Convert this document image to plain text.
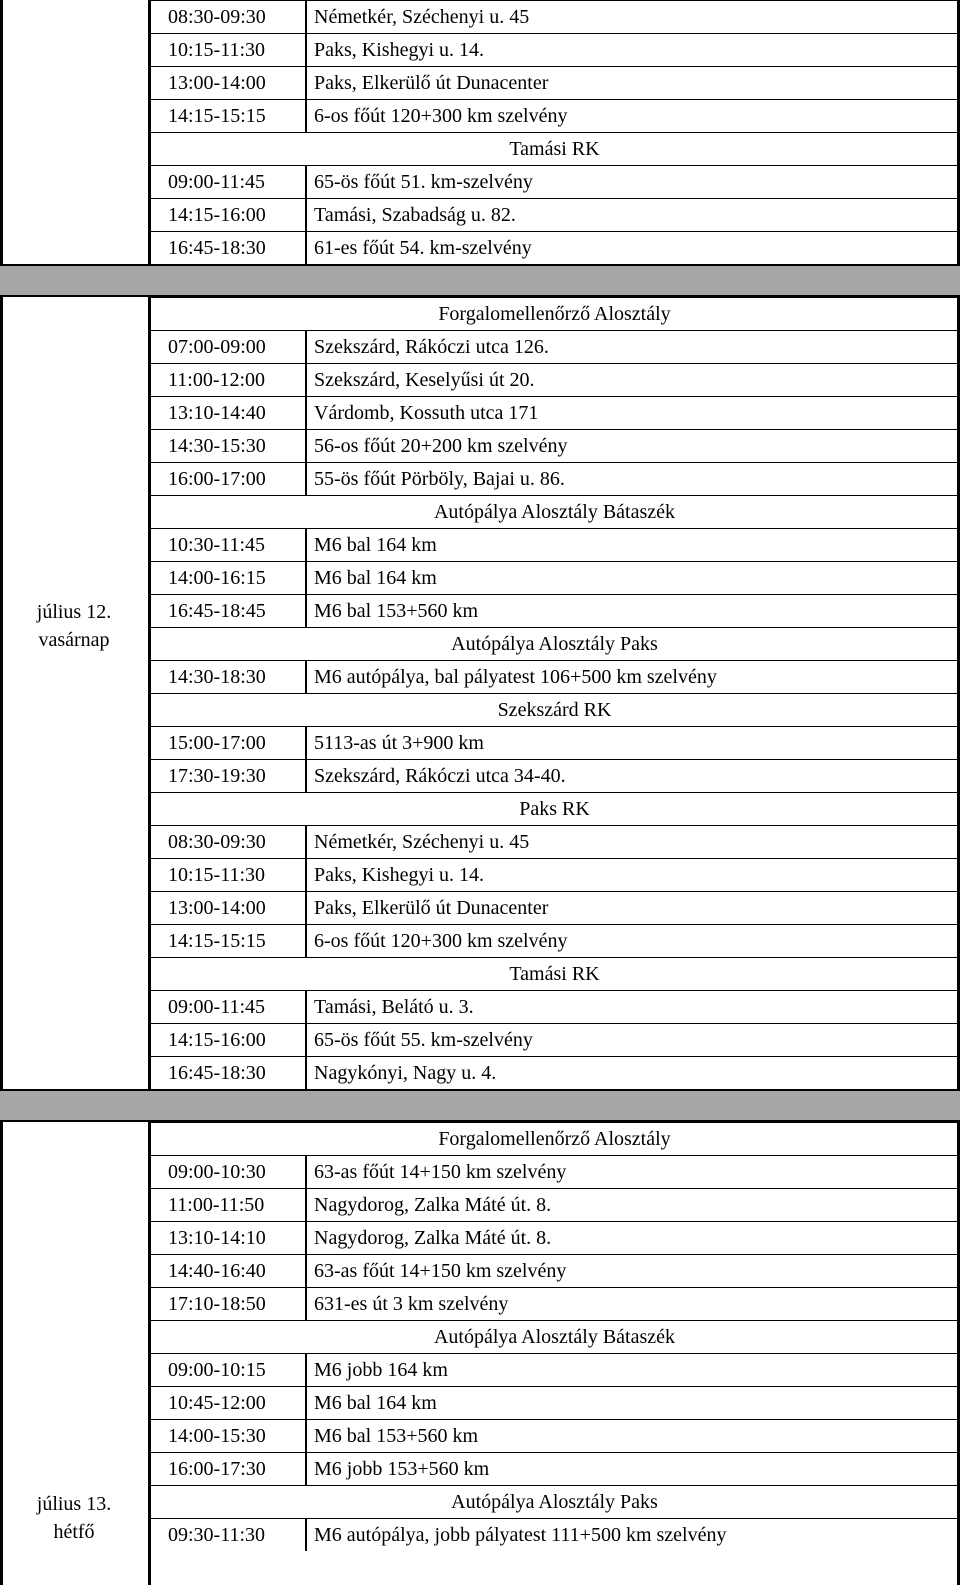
08:30-09:30	Németkér, Széchenyi u. 45
10:15-11:30	Paks, Kishegyi u. 14.
13:00-14:00	Paks, Elkerülő út Dunacenter
14:15-15:15	6-os főút 120+300 km szelvény
Tamási RK
09:00-11:45	65-ös főút 51. km-szelvény
14:15-16:00	Tamási, Szabadság u. 82.
16:45-18:30	61-es főút 54. km-szelvény
Forgalomellenőrző Alosztály
07:00-09:00	Szekszárd, Rákóczi utca 126.
11:00-12:00	Szekszárd, Keselyűsi út 20.
13:10-14:40	Várdomb, Kossuth utca 171
14:30-15:30	56-os főút 20+200 km szelvény
16:00-17:00	55-ös főút Pörböly, Bajai u. 86.
Autópálya Alosztály Bátaszék
10:30-11:45	M6 bal 164 km
14:00-16:15	M6 bal 164 km
16:45-18:45	M6 bal 153+560 km
Autópálya Alosztály Paks
14:30-18:30	M6 autópálya, bal pályatest 106+500 km szelvény
Szekszárd RK
15:00-17:00	5113-as út 3+900 km
17:30-19:30	Szekszárd, Rákóczi utca 34-40.
Paks RK
08:30-09:30	Németkér, Széchenyi u. 45
10:15-11:30	Paks, Kishegyi u. 14.
13:00-14:00	Paks, Elkerülő út Dunacenter
14:15-15:15	6-os főút 120+300 km szelvény
Tamási RK
09:00-11:45	Tamási, Belátó u. 3.
14:15-16:00	65-ös főút 55. km-szelvény
16:45-18:30	Nagykónyi, Nagy u. 4.
július 12.
vasárnap
Forgalomellenőrző Alosztály
09:00-10:30	63-as főút 14+150 km szelvény
11:00-11:50	Nagydorog, Zalka Máté út. 8.
13:10-14:10	Nagydorog, Zalka Máté út. 8.
14:40-16:40	63-as főút 14+150 km szelvény
17:10-18:50	631-es út 3 km szelvény
Autópálya Alosztály Bátaszék
09:00-10:15	M6 jobb 164 km
10:45-12:00	M6 bal 164 km
14:00-15:30	M6 bal 153+560 km
16:00-17:30	M6 jobb 153+560 km
Autópálya Alosztály Paks
09:30-11:30	M6 autópálya, jobb pályatest 111+500 km szelvény
július 13.
hétfő
